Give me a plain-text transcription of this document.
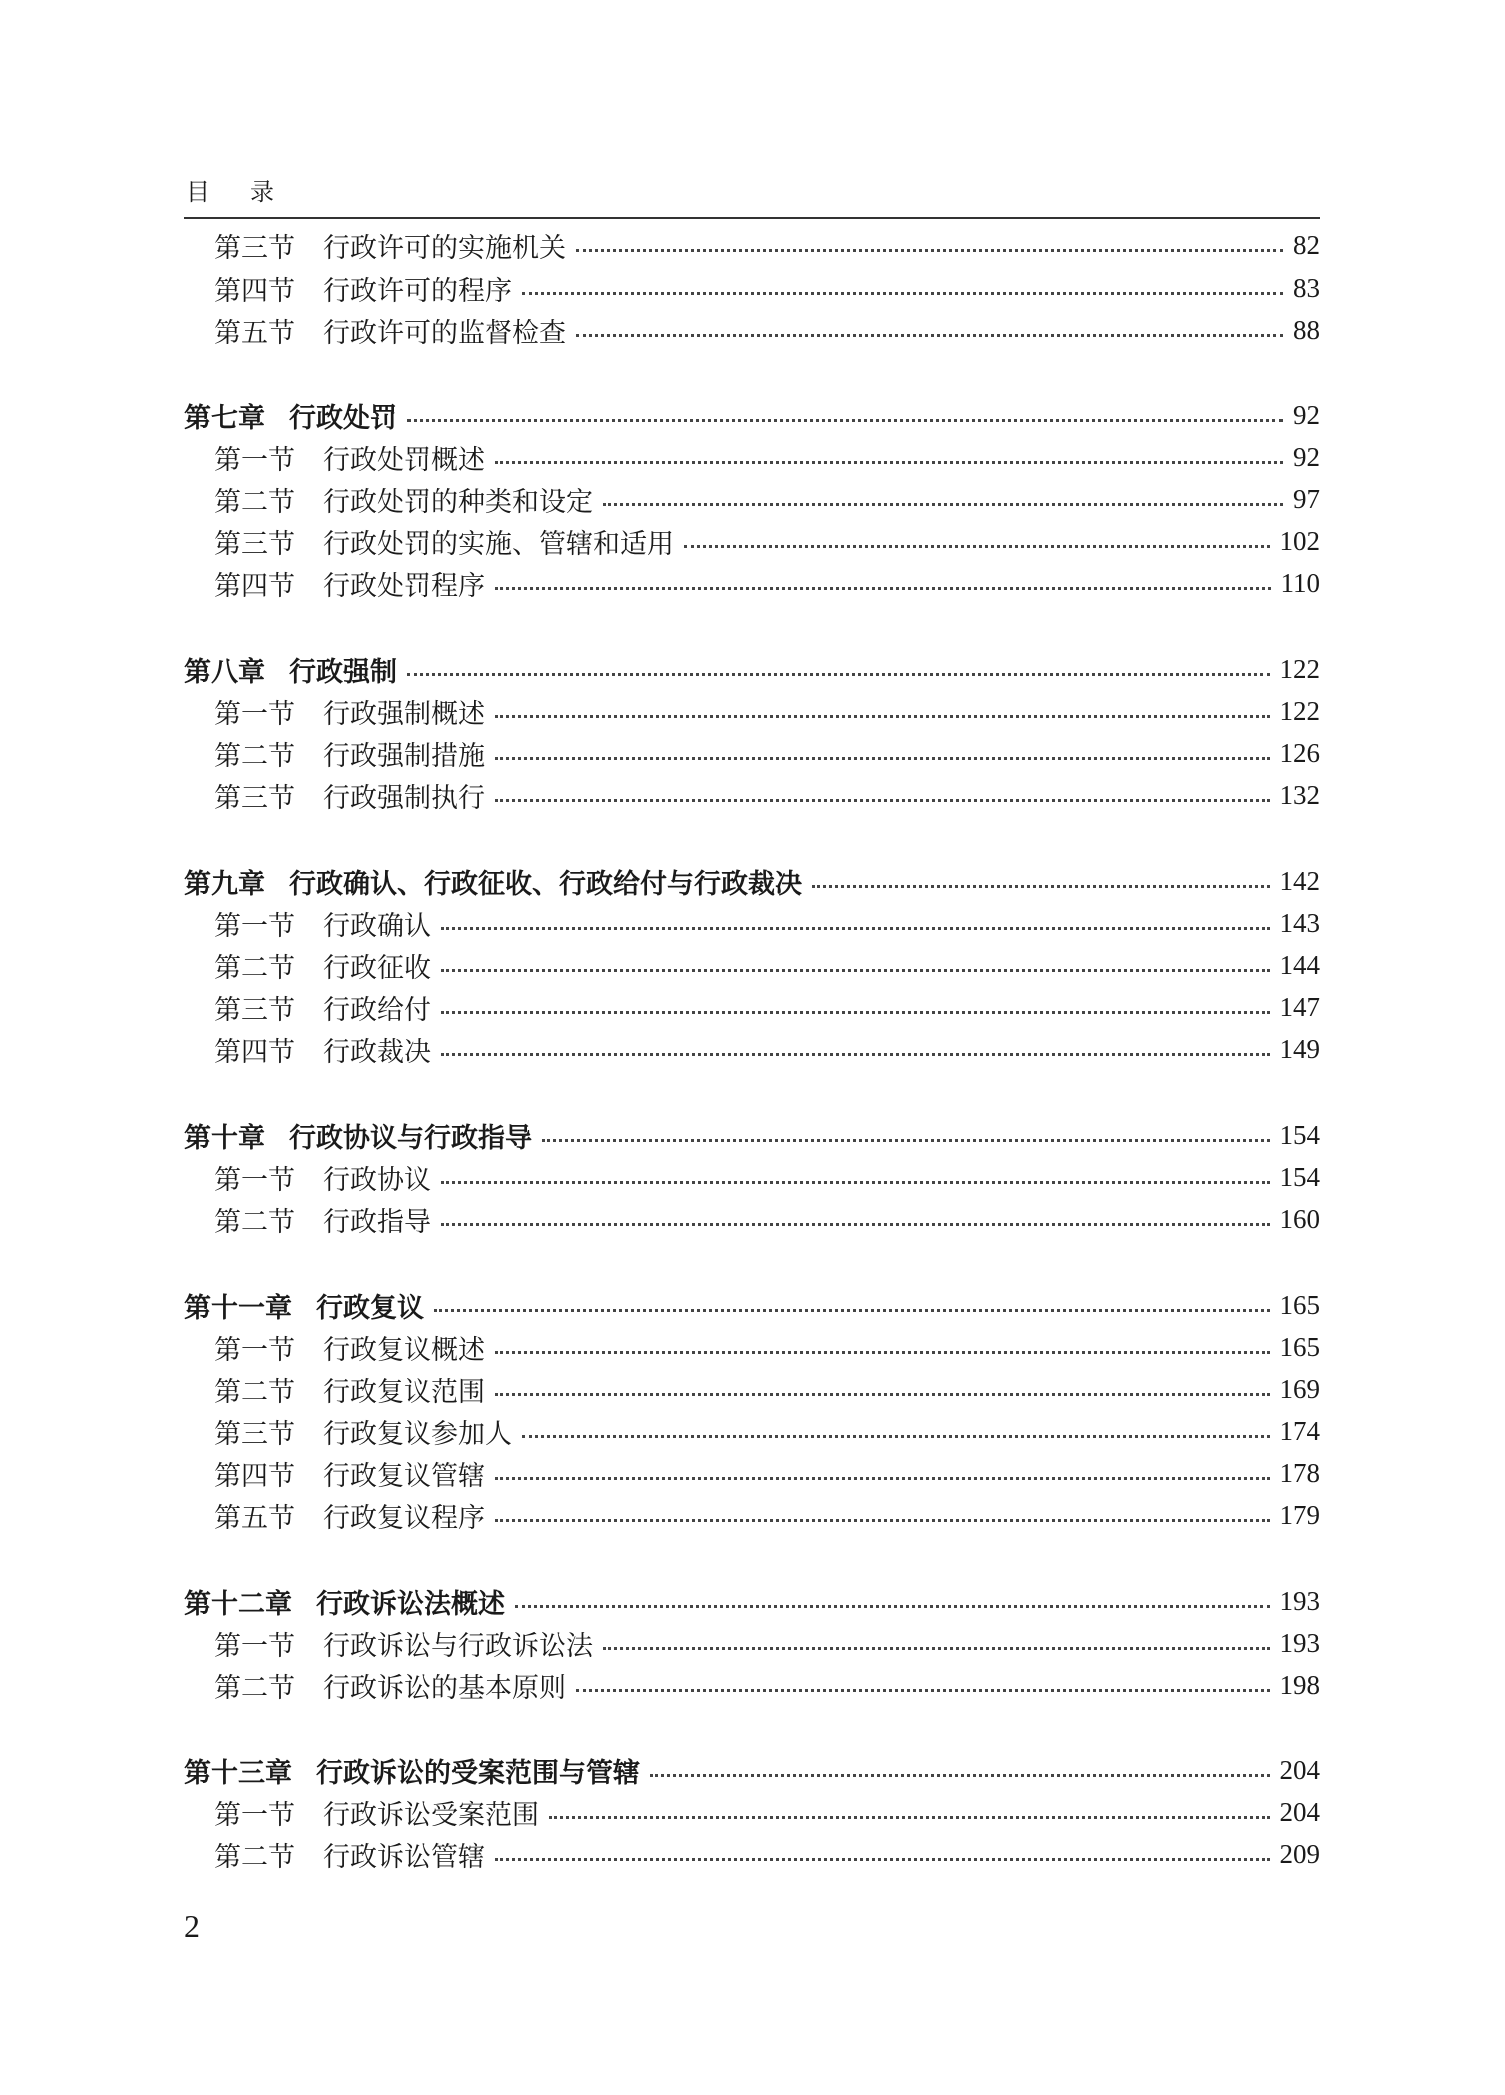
目录
第三节 行政许可的实施机关	82
第四节 行政许可的程序	83
第五节 行政许可的监督检查	88
第七章 行政处罚	92
第一节 行政处罚概述	92
第二节 行政处罚的种类和设定	97
第三节 行政处罚的实施、管辖和适用	102
第四节 行政处罚程序	110
第八章 行政强制	122
第一节 行政强制概述	122
第二节 行政强制措施	126
第三节 行政强制执行	132
第九章 行政确认、行政征收、行政给付与行政裁决	142
第一节 行政确认	143
第二节 行政征收	144
第三节 行政给付	147
第四节 行政裁决	149
第十章 行政协议与行政指导	154
第一节 行政协议	154
第二节 行政指导	160
第十一章 行政复议	165
第一节 行政复议概述	165
第二节 行政复议范围	169
第三节 行政复议参加人	174
第四节 行政复议管辖	178
第五节 行政复议程序	179
第十二章 行政诉讼法概述	193
第一节 行政诉讼与行政诉讼法	193
第二节 行政诉讼的基本原则	198
第十三章 行政诉讼的受案范围与管辖	204
第一节 行政诉讼受案范围	204
第二节 行政诉讼管辖	209
2
